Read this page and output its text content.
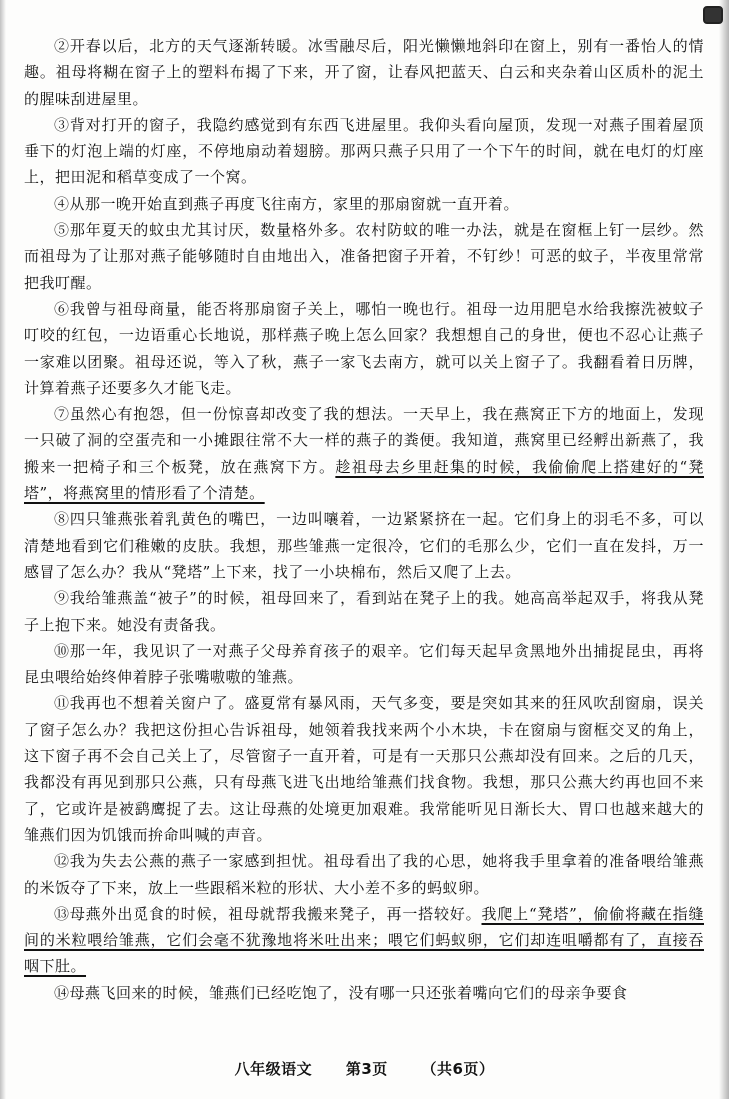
②开春以后，北方的天气逐渐转暖。冰雪融尽后，阳光懒懒地斜印在窗上，别有一番怡人的情趣。祖母将糊在窗子上的塑料布揭了下来，开了窗，让春风把蓝天、白云和夹杂着山区质朴的泥土的腥味刮进屋里。

③背对打开的窗子，我隐约感觉到有东西飞进屋里。我仰头看向屋顶，发现一对燕子围着屋顶垂下的灯泡上端的灯座，不停地扇动着翅膀。那两只燕子只用了一个下午的时间，就在电灯的灯座上，把田泥和稻草变成了一个窝。

④从那一晚开始直到燕子再度飞往南方，家里的那扇窗就一直开着。

⑤那年夏天的蚊虫尤其讨厌，数量格外多。农村防蚊的唯一办法，就是在窗框上钉一层纱。然而祖母为了让那对燕子能够随时自由地出入，准备把窗子开着，不钉纱！可恶的蚊子，半夜里常常把我叮醒。

⑥我曾与祖母商量，能否将那扇窗子关上，哪怕一晚也行。祖母一边用肥皂水给我擦洗被蚊子叮咬的红包，一边语重心长地说，那样燕子晚上怎么回家？我想想自己的身世，便也不忍心让燕子一家难以团聚。祖母还说，等入了秋，燕子一家飞去南方，就可以关上窗子了。我翻看着日历牌，计算着燕子还要多久才能飞走。

⑦虽然心有抱怨，但一份惊喜却改变了我的想法。一天早上，我在燕窝正下方的地面上，发现一只破了洞的空蛋壳和一小摊跟往常不大一样的燕子的粪便。我知道，燕窝里已经孵出新燕了，我搬来一把椅子和三个板凳，放在燕窝下方。趁祖母去乡里赶集的时候，我偷偷爬上搭建好的“凳塔”，将燕窝里的情形看了个清楚。

⑧四只雏燕张着乳黄色的嘴巴，一边叫嚷着，一边紧紧挤在一起。它们身上的羽毛不多，可以清楚地看到它们稚嫩的皮肤。我想，那些雏燕一定很冷，它们的毛那么少，它们一直在发抖，万一感冒了怎么办？我从“凳塔”上下来，找了一小块棉布，然后又爬了上去。

⑨我给雏燕盖“被子”的时候，祖母回来了，看到站在凳子上的我。她高高举起双手，将我从凳子上抱下来。她没有责备我。

⑩那一年，我见识了一对燕子父母养育孩子的艰辛。它们每天起早贪黑地外出捕捉昆虫，再将昆虫喂给始终伸着脖子张嘴嗷嗷的雏燕。

⑪我再也不想着关窗户了。盛夏常有暴风雨，天气多变，要是突如其来的狂风吹刮窗扇，误关了窗子怎么办？我把这份担心告诉祖母，她领着我找来两个小木块，卡在窗扇与窗框交叉的角上，这下窗子再不会自己关上了，尽管窗子一直开着，可是有一天那只公燕却没有回来。之后的几天，我都没有再见到那只公燕，只有母燕飞进飞出地给雏燕们找食物。我想，那只公燕大约再也回不来了，它或许是被鹞鹰捉了去。这让母燕的处境更加艰难。我常能听见日渐长大、胃口也越来越大的雏燕们因为饥饿而拚命叫喊的声音。

⑫我为失去公燕的燕子一家感到担忧。祖母看出了我的心思，她将我手里拿着的准备喂给雏燕的米饭夺了下来，放上一些跟稻米粒的形状、大小差不多的蚂蚁卵。

⑬母燕外出觅食的时候，祖母就帮我搬来凳子，再一搭较好。我爬上“凳塔”，偷偷将藏在指缝间的米粒喂给雏燕，它们会毫不犹豫地将米吐出来；喂它们蚂蚁卵，它们却连咀嚼都有了，直接吞咽下肚。

⑭母燕飞回来的时候，雏燕们已经吃饱了，没有哪一只还张着嘴向它们的母亲争要食

八年级语文 第3页 （共6页）
